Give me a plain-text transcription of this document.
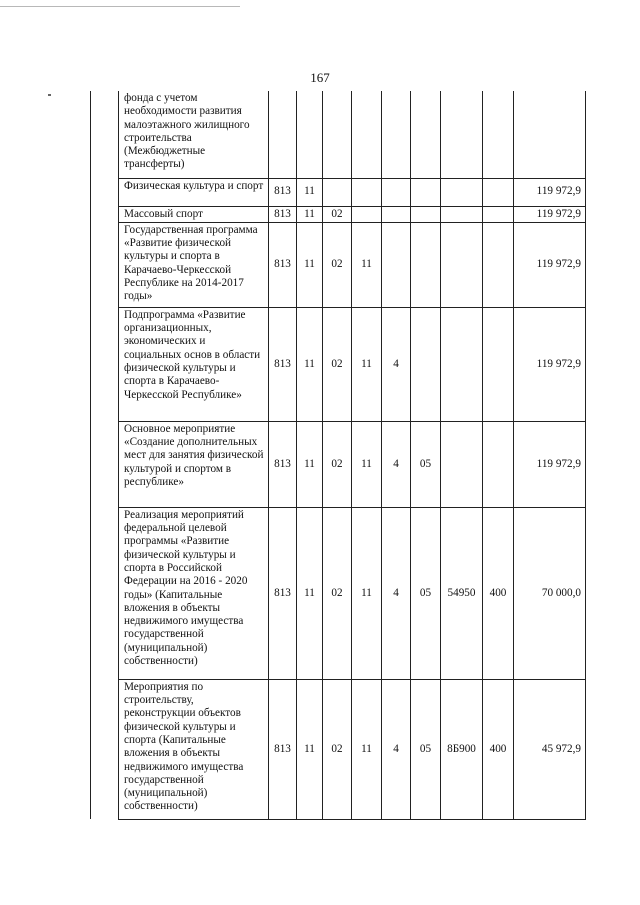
167
	фонда с учетом необходимости развития малоэтажного жилищного строительства (Межбюджетные трансферты)									
	Физическая культура и спорт	813	11							119 972,9
	Массовый спорт	813	11	02						119 972,9
	Государственная программа «Развитие физической культуры и спорта в Карачаево-Черкесской Республике на 2014-2017 годы»	813	11	02	11					119 972,9
	Подпрограмма «Развитие организационных, экономических и социальных основ в области физической культуры и спорта в Карачаево-Черкесской Республике»	813	11	02	11	4				119 972,9
	Основное мероприятие «Создание дополнительных мест для занятия физической культурой и спортом в республике»	813	11	02	11	4	05			119 972,9
	Реализация мероприятий федеральной целевой программы «Развитие физической культуры и спорта в Российской Федерации на 2016 - 2020 годы» (Капитальные вложения в объекты недвижимого имущества государственной (муниципальной) собственности)	813	11	02	11	4	05	54950	400	70 000,0
	Мероприятия по строительству, реконструкции объектов физической культуры и спорта (Капитальные вложения в объекты недвижимого имущества государственной (муниципальной) собственности)	813	11	02	11	4	05	8Б900	400	45 972,9
